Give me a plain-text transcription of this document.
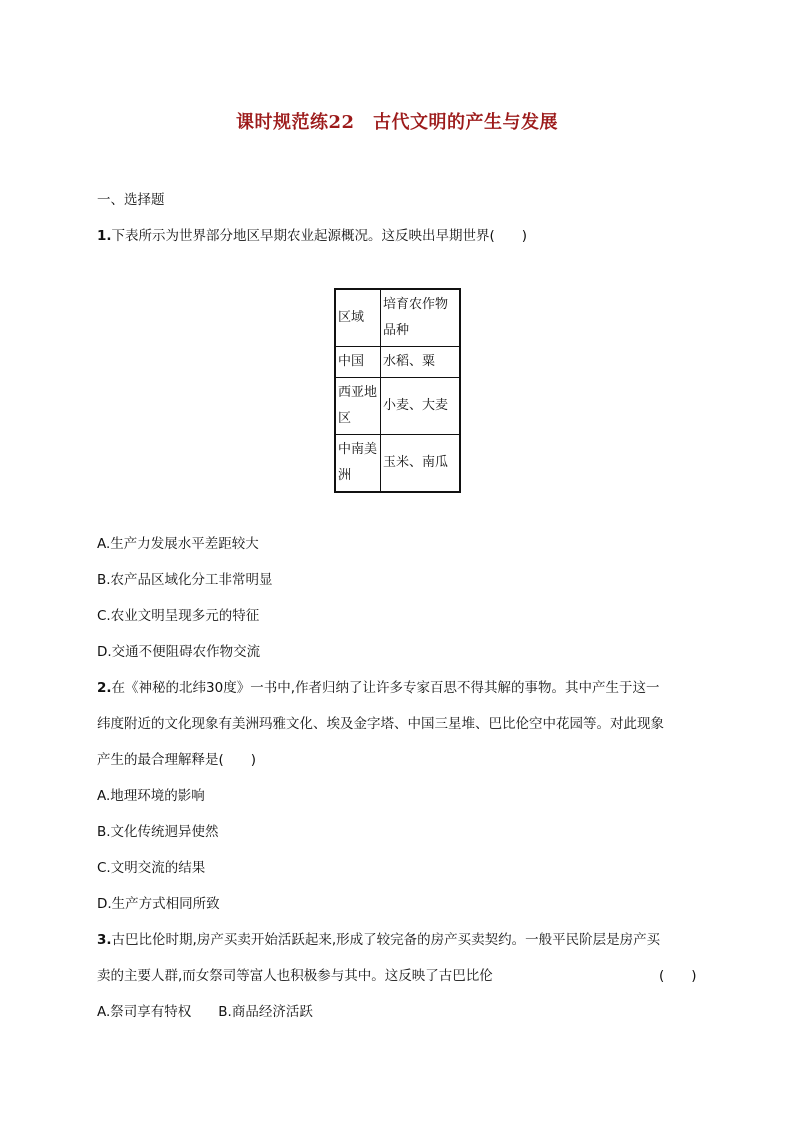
课时规范练22　古代文明的产生与发展
一、选择题
1.下表所示为世界部分地区早期农业起源概况。这反映出早期世界(　　)
区域	培育农作物品种

中国	水稻、粟

西亚地区	小麦、大麦

中南美洲	玉米、南瓜
A.生产力发展水平差距较大
B.农产品区域化分工非常明显
C.农业文明呈现多元的特征
D.交通不便阻碍农作物交流
2.在《神秘的北纬30度》一书中,作者归纳了让许多专家百思不得其解的事物。其中产生于这一
纬度附近的文化现象有美洲玛雅文化、埃及金字塔、中国三星堆、巴比伦空中花园等。对此现象
产生的最合理解释是(　　)
A.地理环境的影响
B.文化传统迥异使然
C.文明交流的结果
D.生产方式相同所致
3.古巴比伦时期,房产买卖开始活跃起来,形成了较完备的房产买卖契约。一般平民阶层是房产买
卖的主要人群,而女祭司等富人也积极参与其中。这反映了古巴比伦	(　　)
A.祭司享有特权　　B.商品经济活跃
